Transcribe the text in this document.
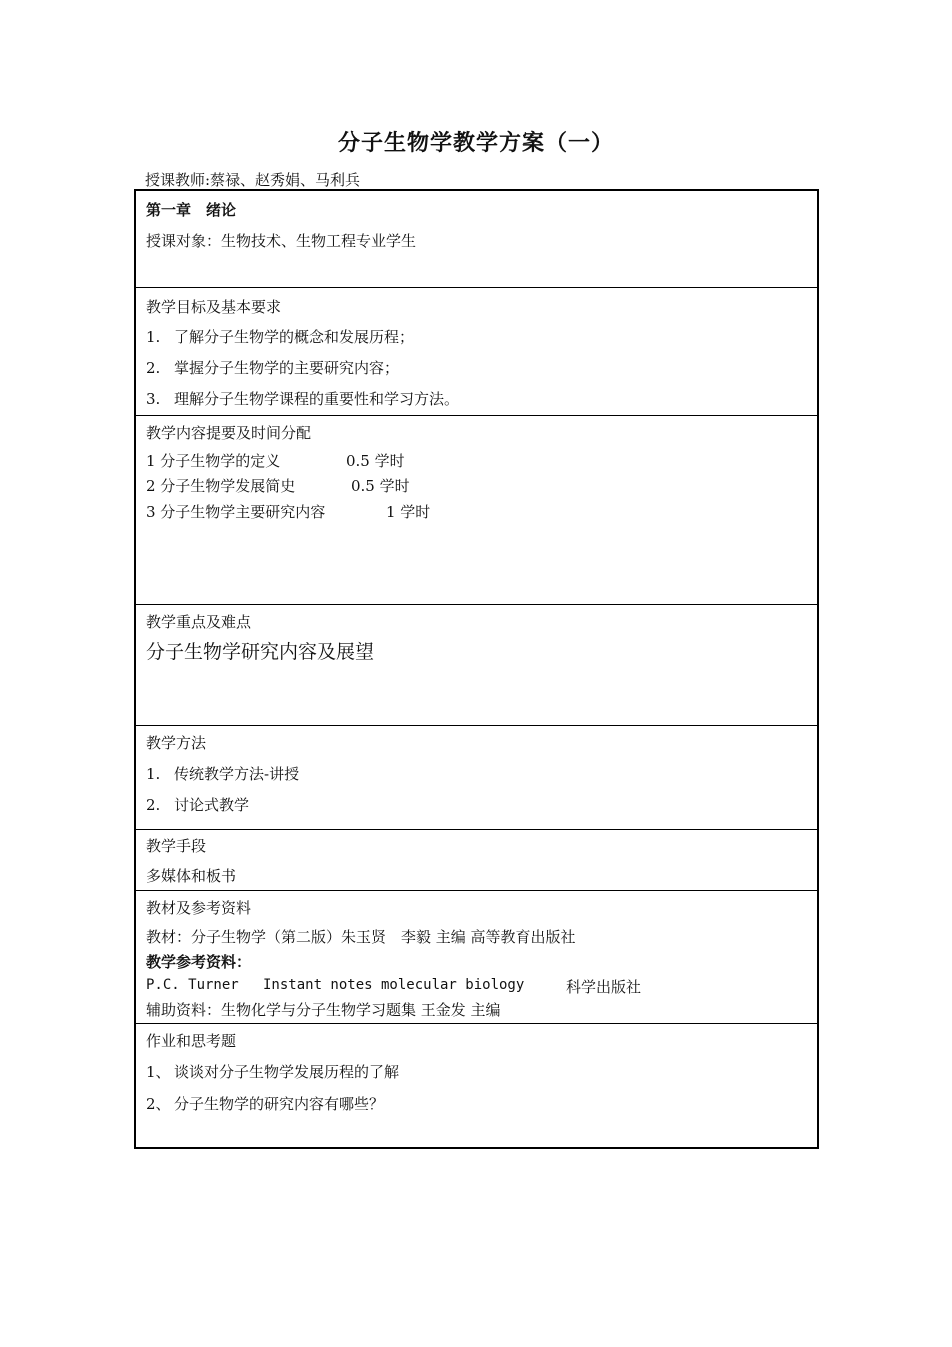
分子生物学教学方案（一）
授课教师:蔡禄、赵秀娟、马利兵
第一章　绪论
授课对象：生物技术、生物工程专业学生
教学目标及基本要求
1. 了解分子生物学的概念和发展历程；
2. 掌握分子生物学的主要研究内容；
3. 理解分子生物学课程的重要性和学习方法。
教学内容提要及时间分配
1 分子生物学的定义	0.5 学时
2 分子生物学发展简史	0.5 学时
3 分子生物学主要研究内容	1 学时
教学重点及难点
分子生物学研究内容及展望
教学方法
1. 传统教学方法-讲授
2. 讨论式教学
教学手段
多媒体和板书
教材及参考资料
教材：分子生物学（第二版）朱玉贤　李毅 主编 高等教育出版社
教学参考资料：
P.C. Turner Instant notes molecular biology	科学出版社
辅助资料：生物化学与分子生物学习题集 王金发 主编
作业和思考题
1、 谈谈对分子生物学发展历程的了解
2、 分子生物学的研究内容有哪些？
